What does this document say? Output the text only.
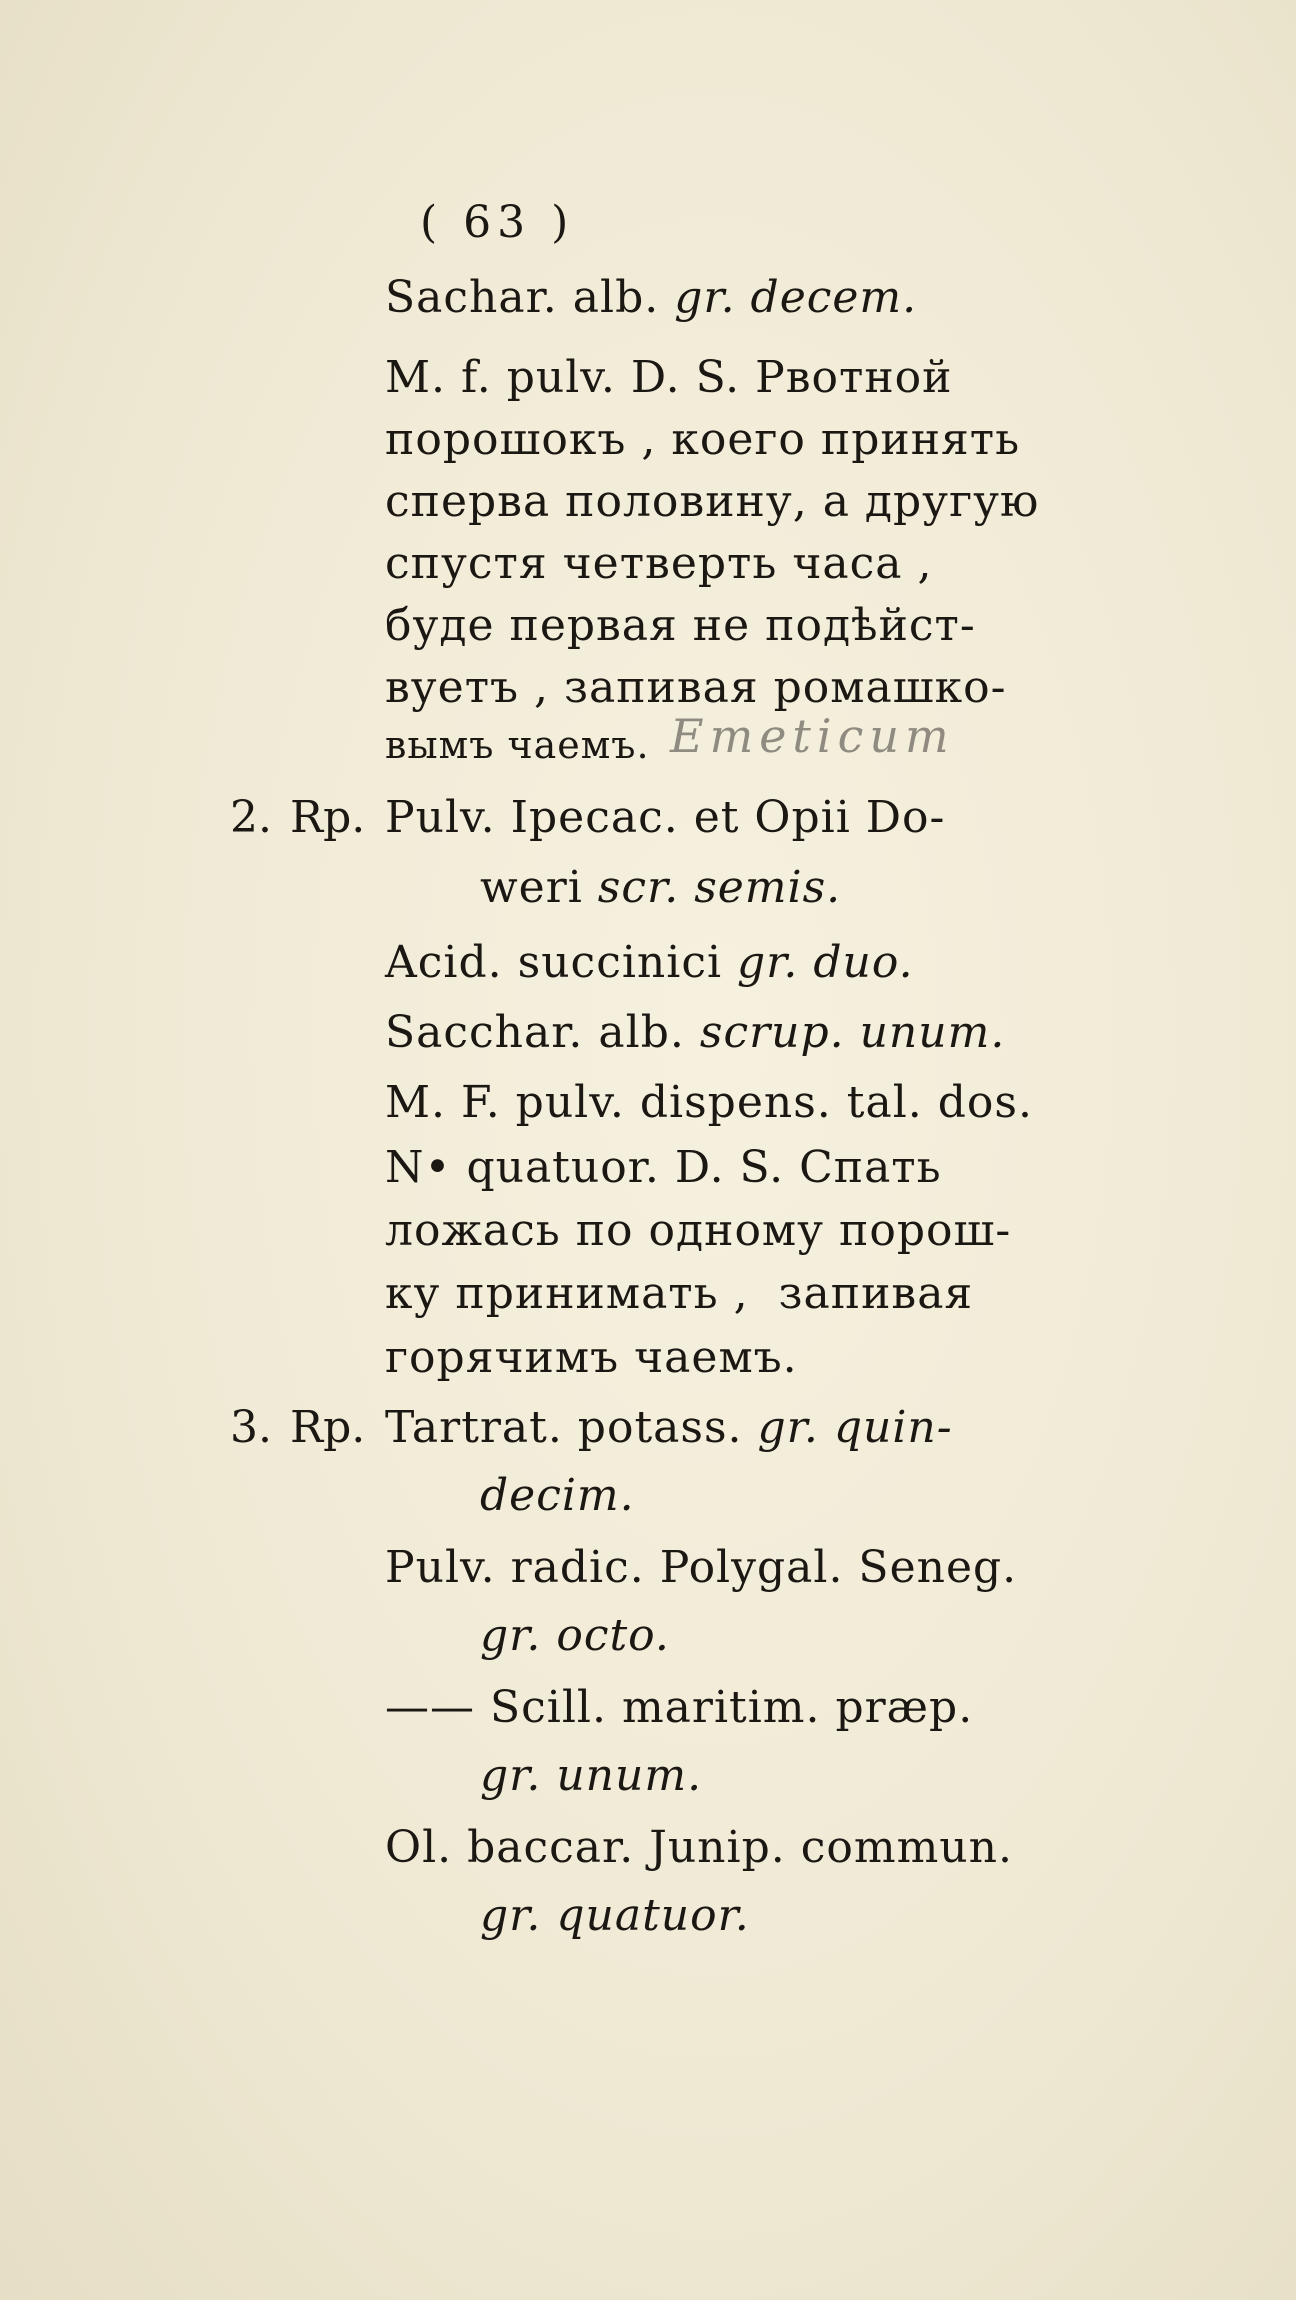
( 63 )
Sachar. alb. gr. decem.
M. f. pulv. D. S. Рвотной
порошокъ , коего принять
сперва половину, а другую
спустя четверть часа ,
буде первая не подѣйст-
вуетъ , запивая ромашко-
вымъ чаемъ. Emeticum
2. Rp. Pulv. Ipecac. et Opii Do-
weri scr. semis.
Acid. succinici gr. duo.
Sacchar. alb. scrup. unum.
M. F. pulv. dispens. tal. dos.
N• quatuor. D. S. Спать
ложась по одному порош-
ку принимать ,  запивая
горячимъ чаемъ.
3. Rp. Tartrat. potass. gr. quin-
decim.
Pulv. radic. Polygal. Seneg.
gr. octo.
—— Scill. maritim. præp.
gr. unum.
Ol. baccar. Junip. commun.
gr. quatuor.
